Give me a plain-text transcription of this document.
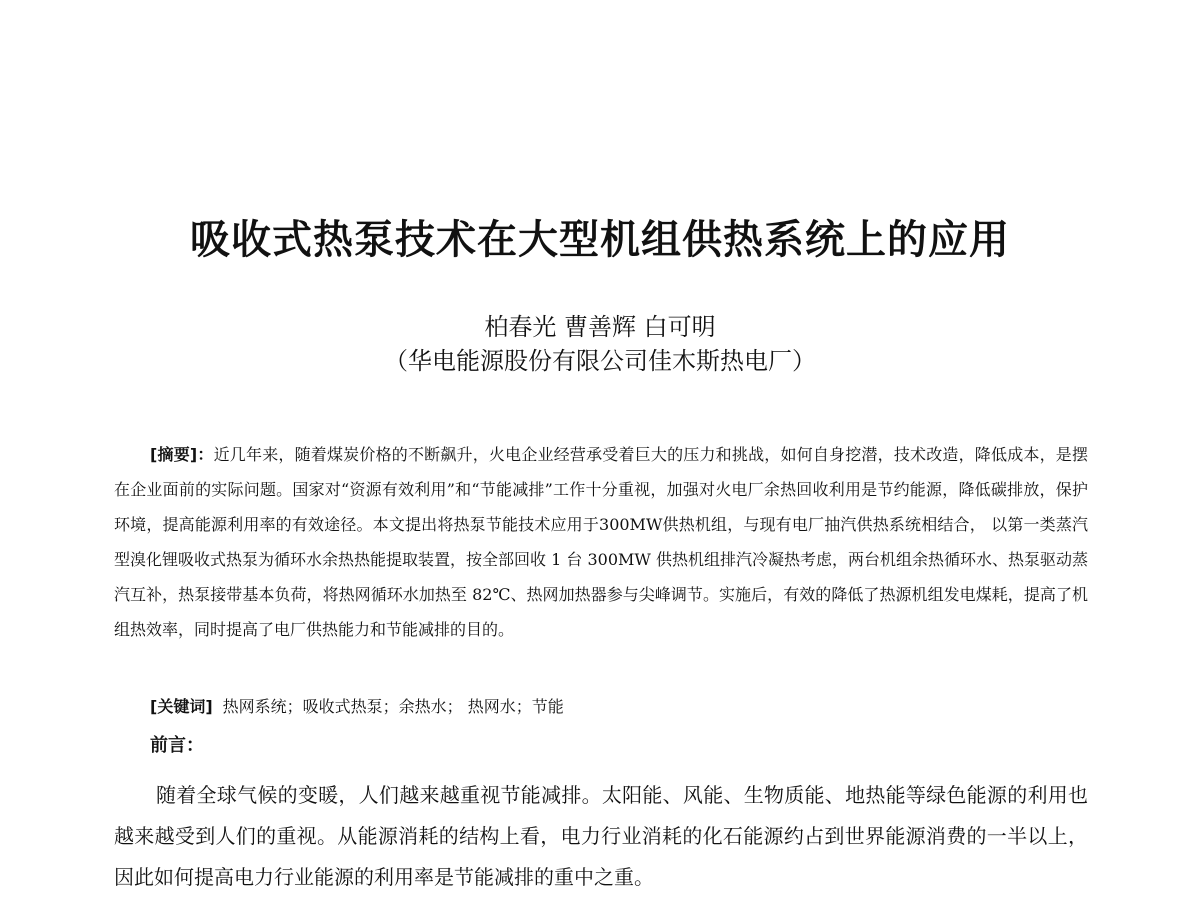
吸收式热泵技术在大型机组供热系统上的应用
柏春光 曹善辉 白可明
（华电能源股份有限公司佳木斯热电厂）
[摘要]：近几年来，随着煤炭价格的不断飙升，火电企业经营承受着巨大的压力和挑战，如何自身挖潜，技术改造，降低成本，是摆在企业面前的实际问题。国家对“资源有效利用”和“节能减排”工作十分重视，加强对火电厂余热回收利用是节约能源，降低碳排放，保护环境，提高能源利用率的有效途径。本文提出将热泵节能技术应用于300MW供热机组，与现有电厂抽汽供热系统相结合， 以第一类蒸汽型溴化锂吸收式热泵为循环水余热热能提取装置，按全部回收 1 台 300MW 供热机组排汽冷凝热考虑，两台机组余热循环水、热泵驱动蒸汽互补，热泵接带基本负荷，将热网循环水加热至 82℃、热网加热器参与尖峰调节。实施后，有效的降低了热源机组发电煤耗，提高了机组热效率，同时提高了电厂供热能力和节能减排的目的。
[关键词] 热网系统；吸收式热泵；余热水； 热网水；节能
前言：
随着全球气候的变暖，人们越来越重视节能减排。太阳能、风能、生物质能、地热能等绿色能源的利用也越来越受到人们的重视。从能源消耗的结构上看，电力行业消耗的化石能源约占到世界能源消费的一半以上，因此如何提高电力行业能源的利用率是节能减排的重中之重。
